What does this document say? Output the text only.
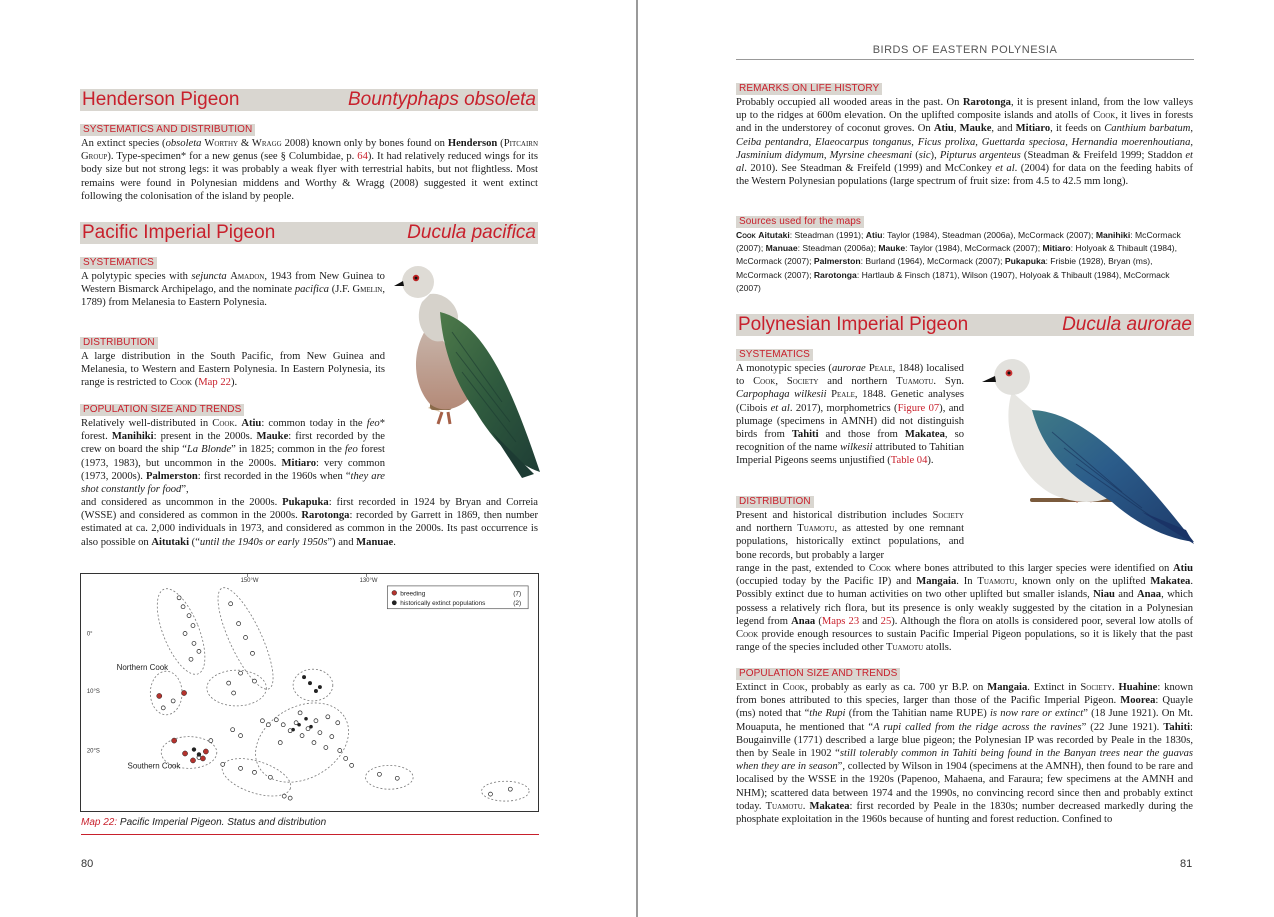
Henderson Pigeon	Bountyphaps obsoleta
SYSTEMATICS AND DISTRIBUTION
An extinct species (obsoleta Worthy & Wragg 2008) known only by bones found on Henderson (Pitcairn Group). Type-specimen* for a new genus (see § Columbidae, p. 64). It had relatively reduced wings for its body size but not strong legs: it was probably a weak flyer with terrestrial habits, but not flightless. Most remains were found in Polynesian middens and Worthy & Wragg (2008) suggested it went extinct following the colonisation of the island by people.
Pacific Imperial Pigeon	Ducula pacifica
SYSTEMATICS
A polytypic species with sejuncta Amadon, 1943 from New Guinea to Western Bismarck Archipelago, and the nominate pacifica (J.F. Gmelin, 1789) from Melanesia to Eastern Polynesia.
DISTRIBUTION
A large distribution in the South Pacific, from New Guinea and Melanesia, to Western and Eastern Polynesia. In Eastern Polynesia, its range is restricted to Cook (Map 22).
POPULATION SIZE AND TRENDS
Relatively well-distributed in Cook. Atiu: common today in the feo* forest. Manihiki: present in the 2000s. Mauke: first recorded by the crew on board the ship “La Blonde” in 1825; common in the feo forest (1973, 1983), but uncommon in the 2000s. Mitiaro: very common (1973, 2000s). Palmerston: first recorded in the 1960s when “they are shot constantly for food”,
and considered as uncommon in the 2000s. Pukapuka: first recorded in 1924 by Bryan and Correia (WSSE) and considered as common in the 2000s. Rarotonga: recorded by Garrett in 1869, then number estimated at ca. 2,000 individuals in 1973, and considered as common in the 2000s. Its past occurrence is also possible on Aitutaki (“until the 1940s or early 1950s”) and Manuae.
150°W	130°W
0°
10°S
20°S
Northern Cook
Southern Cook
breeding	(7)
historically extinct populations	(2)
Map 22: Pacific Imperial Pigeon. Status and distribution
80
BIRDS OF EASTERN POLYNESIA
REMARKS ON LIFE HISTORY
Probably occupied all wooded areas in the past. On Rarotonga, it is present inland, from the low valleys up to the ridges at 600m elevation. On the uplifted composite islands and atolls of Cook, it lives in forests and in the understorey of coconut groves. On Atiu, Mauke, and Mitiaro, it feeds on Canthium barbatum, Ceiba pentandra, Elaeocarpus tonganus, Ficus prolixa, Guettarda speciosa, Hernandia moerenhoutiana, Jasminium didymum, Myrsine cheesmani (sic), Pipturus argenteus (Steadman & Freifeld 1999; Staddon et al. 2010). See Steadman & Freifeld (1999) and McConkey et al. (2004) for data on the feeding habits of the Western Polynesian populations (large spectrum of fruit size: from 4.5 to 42.5 mm long).
Sources used for the maps
Cook Aitutaki: Steadman (1991); Atiu: Taylor (1984), Steadman (2006a), McCormack (2007); Manihiki: McCormack (2007); Manuae: Steadman (2006a); Mauke: Taylor (1984), McCormack (2007); Mitiaro: Holyoak & Thibault (1984), McCormack (2007); Palmerston: Burland (1964), McCormack (2007); Pukapuka: Frisbie (1928), Bryan (ms), McCormack (2007); Rarotonga: Hartlaub & Finsch (1871), Wilson (1907), Holyoak & Thibault (1984), McCormack (2007)
Polynesian Imperial Pigeon	Ducula aurorae
SYSTEMATICS
A monotypic species (aurorae Peale, 1848) localised to Cook, Society and northern Tuamotu. Syn. Carpophaga wilkesii Peale, 1848. Genetic analyses (Cibois et al. 2017), morphometrics (Figure 07), and plumage (specimens in AMNH) did not distinguish birds from Tahiti and those from Makatea, so recognition of the name wilkesii attributed to Tahitian Imperial Pigeons seems unjustified (Table 04).
DISTRIBUTION
Present and historical distribution includes Society and northern Tuamotu, as attested by one remnant populations, historically extinct populations, and bone records, but probably a larger
range in the past, extended to Cook where bones attributed to this larger species were identified on Atiu (occupied today by the Pacific IP) and Mangaia. In Tuamotu, known only on the uplifted Makatea. Possibly extinct due to human activities on two other uplifted but smaller islands, Niau and Anaa, which possess a relatively rich flora, but its presence is only weakly suggested by the citation in a Polynesian legend from Anaa (Maps 23 and 25). Although the flora on atolls is considered poor, several low atolls of Cook provide enough resources to sustain Pacific Imperial Pigeon populations, so it is likely that the past range of the species included other Tuamotu atolls.
POPULATION SIZE AND TRENDS
Extinct in Cook, probably as early as ca. 700 yr B.P. on Mangaia. Extinct in Society. Huahine: known from bones attributed to this species, larger than those of the Pacific Imperial Pigeon. Moorea: Quayle (ms) noted that “the Rupi (from the Tahitian name RUPE) is now rare or extinct” (18 June 1921). On Mt. Mouaputa, he mentioned that “A rupi called from the ridge across the ravines” (22 June 1921). Tahiti: Bougainville (1771) described a large blue pigeon; the Polynesian IP was recorded by Peale in the 1830s, then by Seale in 1902 “still tolerably common in Tahiti being found in the Banyan trees near the guavas when they are in season”, collected by Wilson in 1904 (specimens at the AMNH), then found to be rare and localised by the WSSE in the 1920s (Papenoo, Mahaena, and Faraura; few specimens at the AMNH and NHM); scattered data between 1974 and the 1990s, no convincing record since then and probably extinct today. Tuamotu. Makatea: first recorded by Peale in the 1830s; number decreased markedly during the phosphate exploitation in the 1960s because of hunting and forest reduction. Confined to
81
